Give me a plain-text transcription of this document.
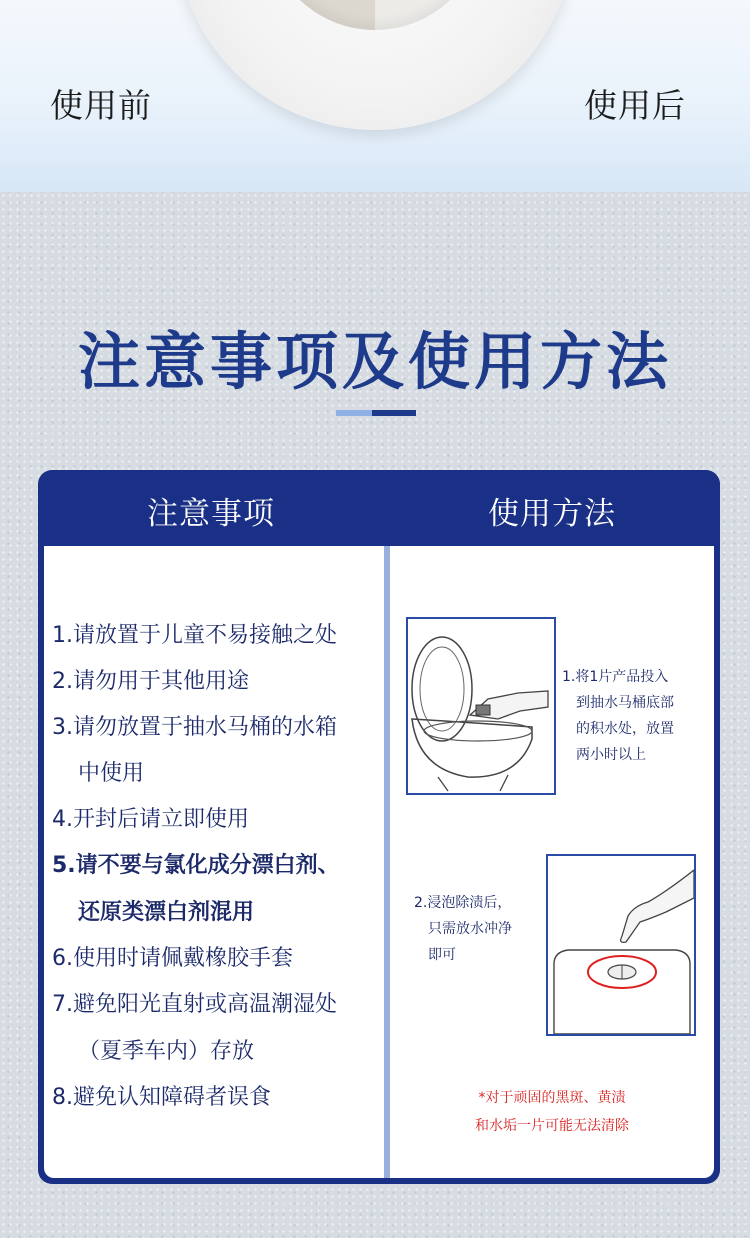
使用前	使用后
注意事项及使用方法
注意事项	使用方法
1.请放置于儿童不易接触之处
2.请勿用于其他用途
3.请勿放置于抽水马桶的水箱
中使用
4.开封后请立即使用
5.请不要与氯化成分漂白剂、
还原类漂白剂混用
6.使用时请佩戴橡胶手套
7.避免阳光直射或高温潮湿处
（夏季车内）存放
8.避免认知障碍者误食
1.将1片产品投入
到抽水马桶底部
的积水处，放置
两小时以上
2.浸泡除渍后，
只需放水冲净
即可
*对于顽固的黑斑、黄渍
和水垢一片可能无法清除
